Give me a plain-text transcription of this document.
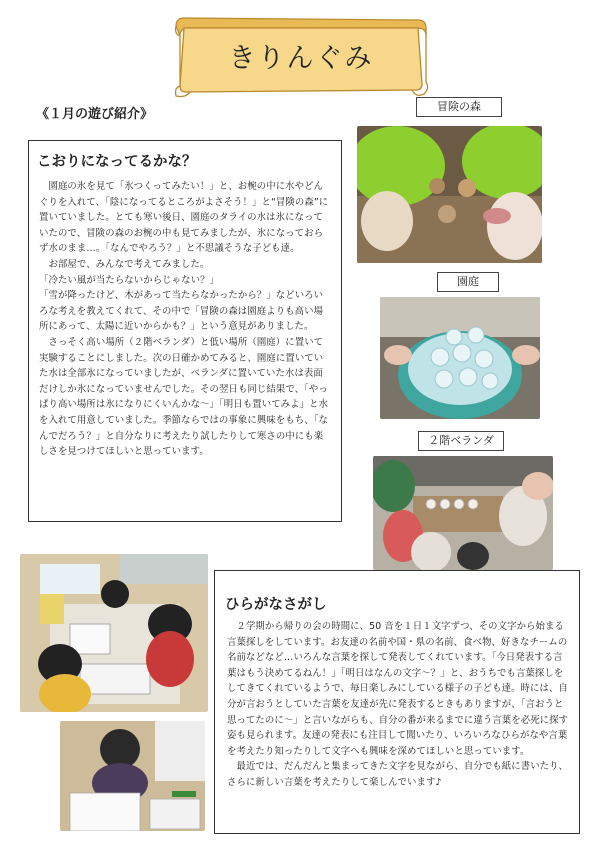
きりんぐみ
《１月の遊び紹介》
こおりになってるかな？

　園庭の氷を見て「氷つくってみたい！」と、お椀の中に水やどんぐりを入れて、「陰になってるところがよさそう！」と“冒険の森”に置いていました。とても寒い後日、園庭のタライの水は氷になっていたので、冒険の森のお椀の中も見てみましたが、氷になっておらず水のまま…。「なんでやろう？」と不思議そうな子ども達。

　お部屋で、みんなで考えてみました。

「冷たい風が当たらないからじゃない？」

「雪が降ったけど、木があって当たらなかったから？」などいろいろな考えを教えてくれて、その中で「冒険の森は園庭よりも高い場所にあって、太陽に近いからかも？」という意見がありました。

　さっそく高い場所（２階ベランダ）と低い場所（園庭）に置いて実験することにしました。次の日確かめてみると、園庭に置いていた水は全部氷になっていましたが、ベランダに置いていた水は表面だけしか氷になっていませんでした。その翌日も同じ結果で、「やっぱり高い場所は氷になりにくいんかな～」「明日も置いてみよ」と水を入れて用意していました。季節ならではの事象に興味をもち、「なんでだろう？」と自分なりに考えたり試したりして寒さの中にも楽しさを見つけてほしいと思っています。

冒険の森
園庭
２階ベランダ
ひらがなさがし

　２学期から帰りの会の時間に、50 音を１日１文字ずつ、その文字から始まる言葉探しをしています。お友達の名前や国・県の名前、食べ物、好きなチームの名前などなど…いろんな言葉を探して発表してくれています。「今日発表する言葉はもう決めてるねん！」「明日はなんの文字～？」と、おうちでも言葉探しをしてきてくれているようで、毎日楽しみにしている様子の子ども達。時には、自分が言おうとしていた言葉を友達が先に発表するときもありますが、「言おうと思ってたのに～」と言いながらも、自分の番が来るまでに違う言葉を必死に探す姿も見られます。友達の発表にも注目して聞いたり、いろいろなひらがなや言葉を考えたり知ったりして文字へも興味を深めてほしいと思っています。

　最近では、だんだんと集まってきた文字を見ながら、自分でも紙に書いたり、さらに新しい言葉を考えたりして楽しんでいます♪
